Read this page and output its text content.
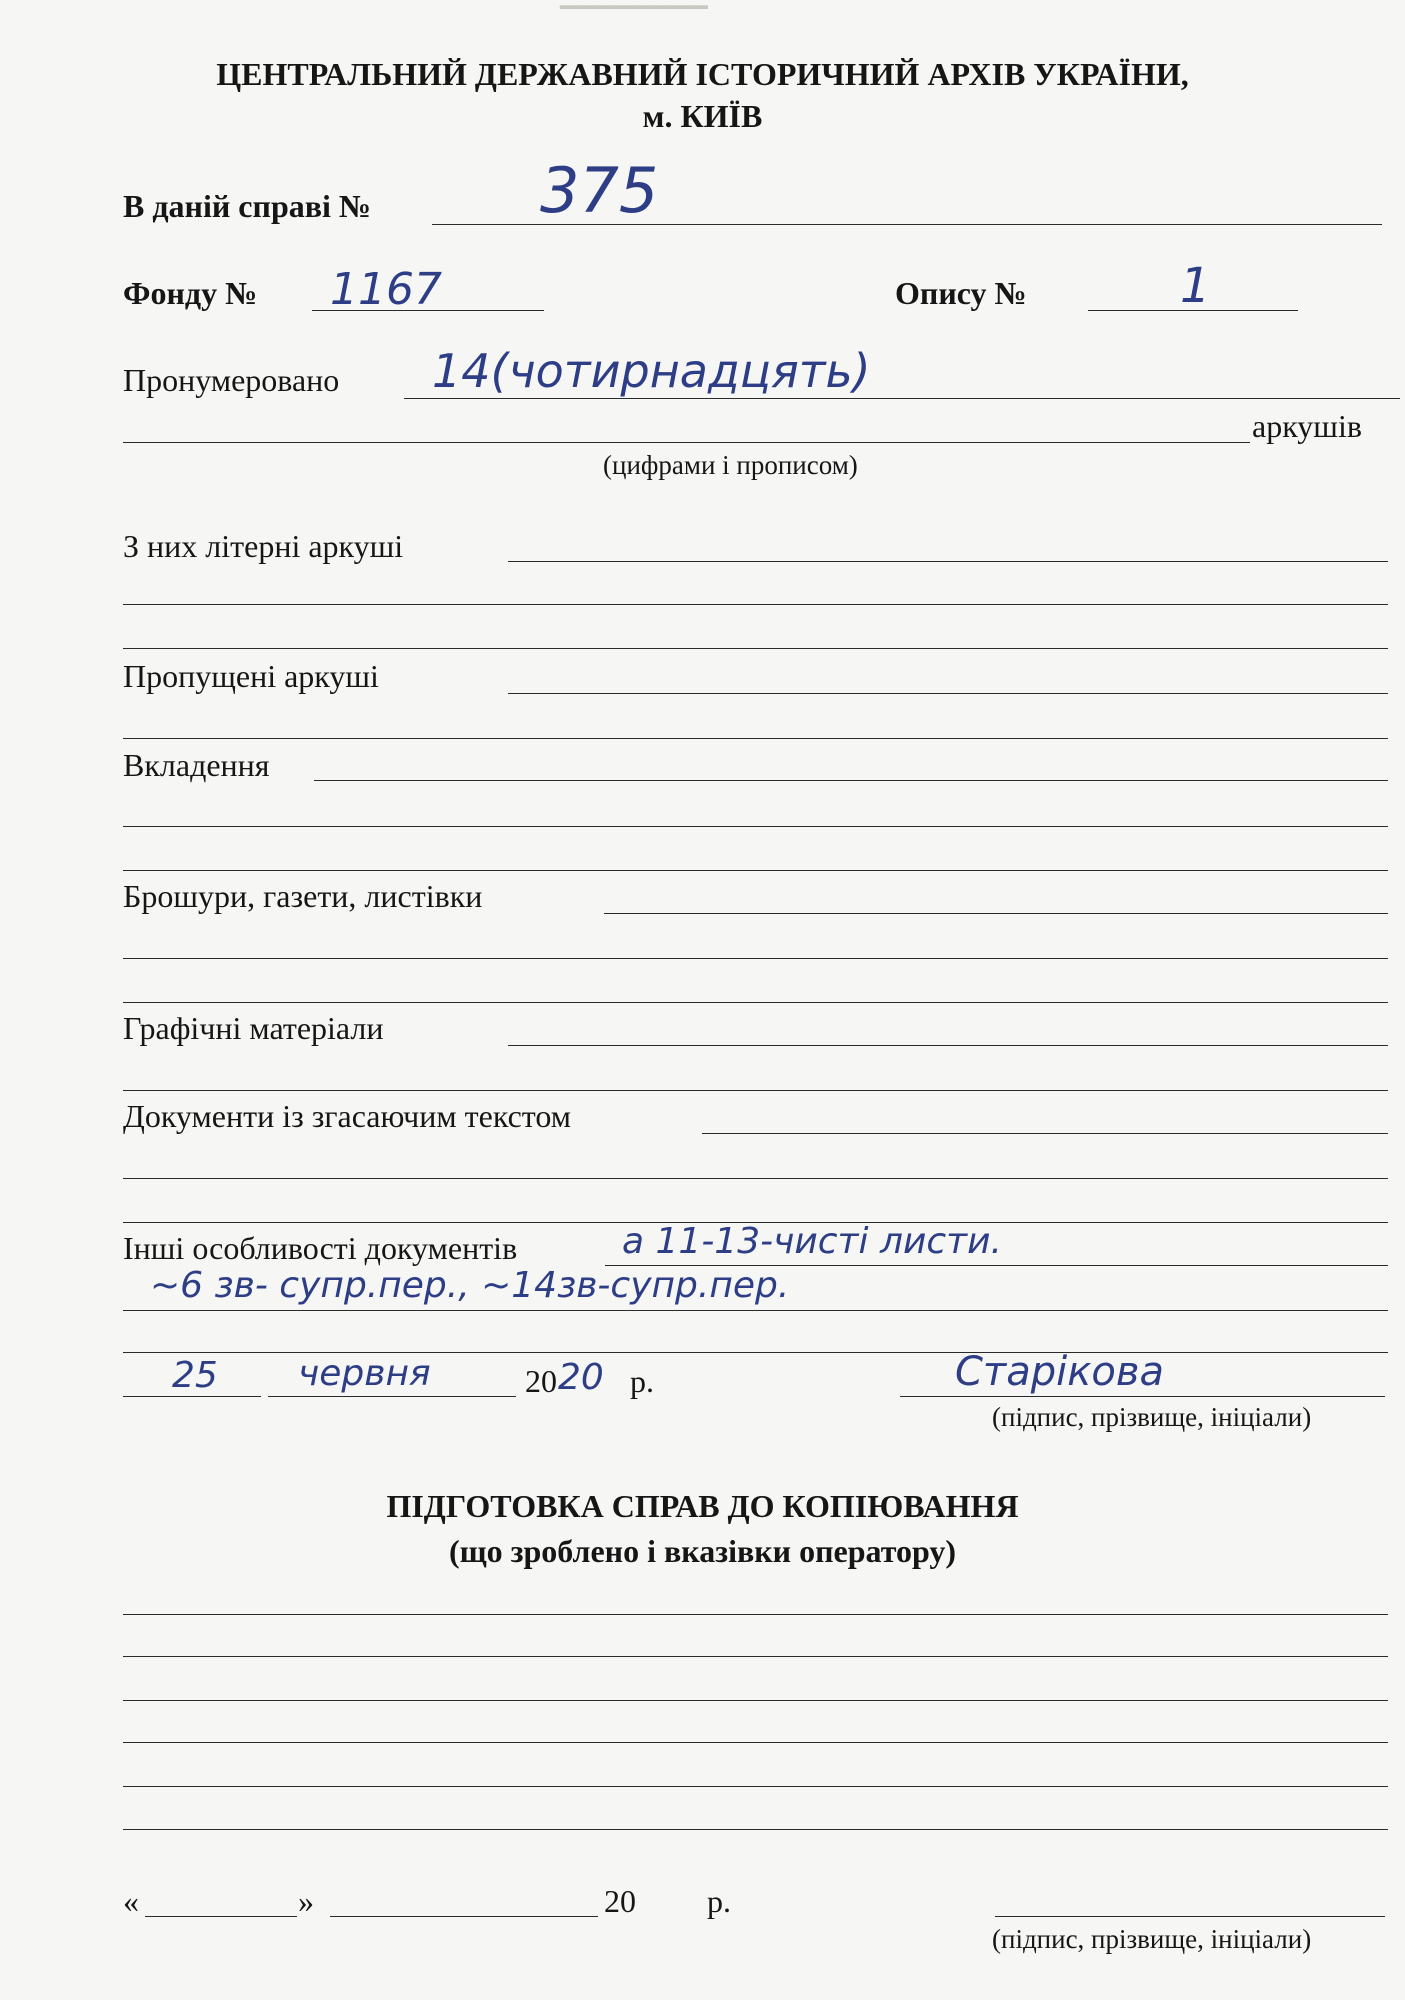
▔▔▔▔▔▔▔▔
ЦЕНТРАЛЬНИЙ ДЕРЖАВНИЙ ІСТОРИЧНИЙ АРХІВ УКРАЇНИ,
м. КИЇВ
В даній справі №	375
Фонду № 1167	Опису №	1
Пронумеровано 14(чотирнадцять)
аркушів
(цифрами і прописом)
З них літерні аркуші
Пропущені аркуші
Вкладення
Брошури, газети, листівки
Графічні матеріали
Документи із згасаючим текстом
Інші особливості документів	а 11-13-чисті листи.
~6 зв- супр.пер., ~14зв-супр.пер.
25 червня	20 20 р.	Старікова
(підпис, прізвище, ініціали)
ПІДГОТОВКА СПРАВ ДО КОПІЮВАННЯ
(що зроблено і вказівки оператору)
«	»	20 р.
(підпис, прізвище, ініціали)
